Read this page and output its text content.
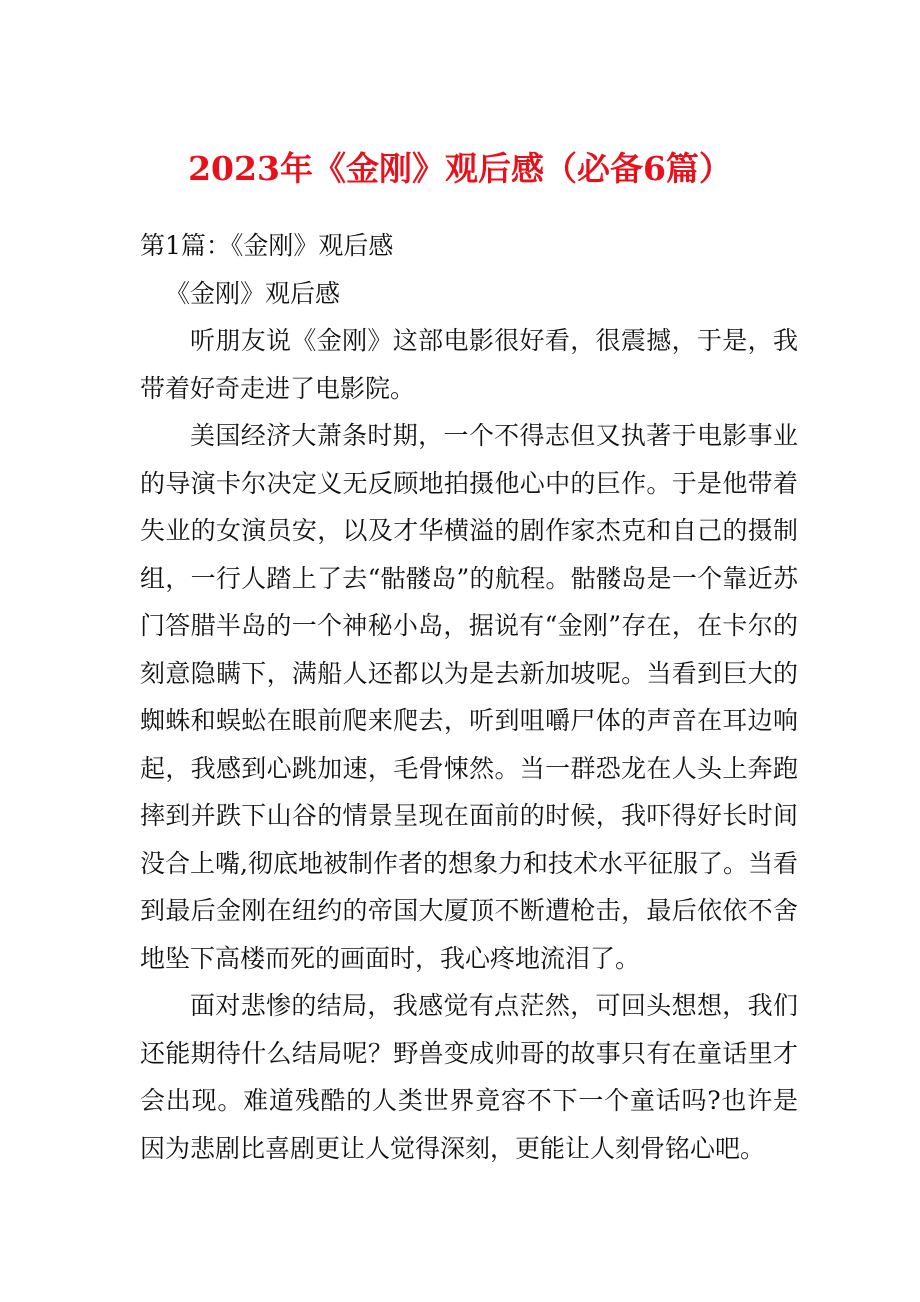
2023年《金刚》观后感（必备6篇）

第1篇：《金刚》观后感

《金刚》观后感

听朋友说《金刚》这部电影很好看，很震撼，于是，我带着好奇走进了电影院。

美国经济大萧条时期，一个不得志但又执著于电影事业的导演卡尔决定义无反顾地拍摄他心中的巨作。于是他带着失业的女演员安，以及才华横溢的剧作家杰克和自己的摄制组，一行人踏上了去“骷髅岛”的航程。骷髅岛是一个靠近苏门答腊半岛的一个神秘小岛，据说有“金刚”存在，在卡尔的刻意隐瞒下，满船人还都以为是去新加坡呢。当看到巨大的蜘蛛和蜈蚣在眼前爬来爬去，听到咀嚼尸体的声音在耳边响起，我感到心跳加速，毛骨悚然。当一群恐龙在人头上奔跑摔到并跌下山谷的情景呈现在面前的时候，我吓得好长时间没合上嘴,彻底地被制作者的想象力和技术水平征服了。当看到最后金刚在纽约的帝国大厦顶不断遭枪击，最后依依不舍地坠下高楼而死的画面时，我心疼地流泪了。

面对悲惨的结局，我感觉有点茫然，可回头想想，我们还能期待什么结局呢？野兽变成帅哥的故事只有在童话里才会出现。难道残酷的人类世界竟容不下一个童话吗?也许是因为悲剧比喜剧更让人觉得深刻，更能让人刻骨铭心吧。
